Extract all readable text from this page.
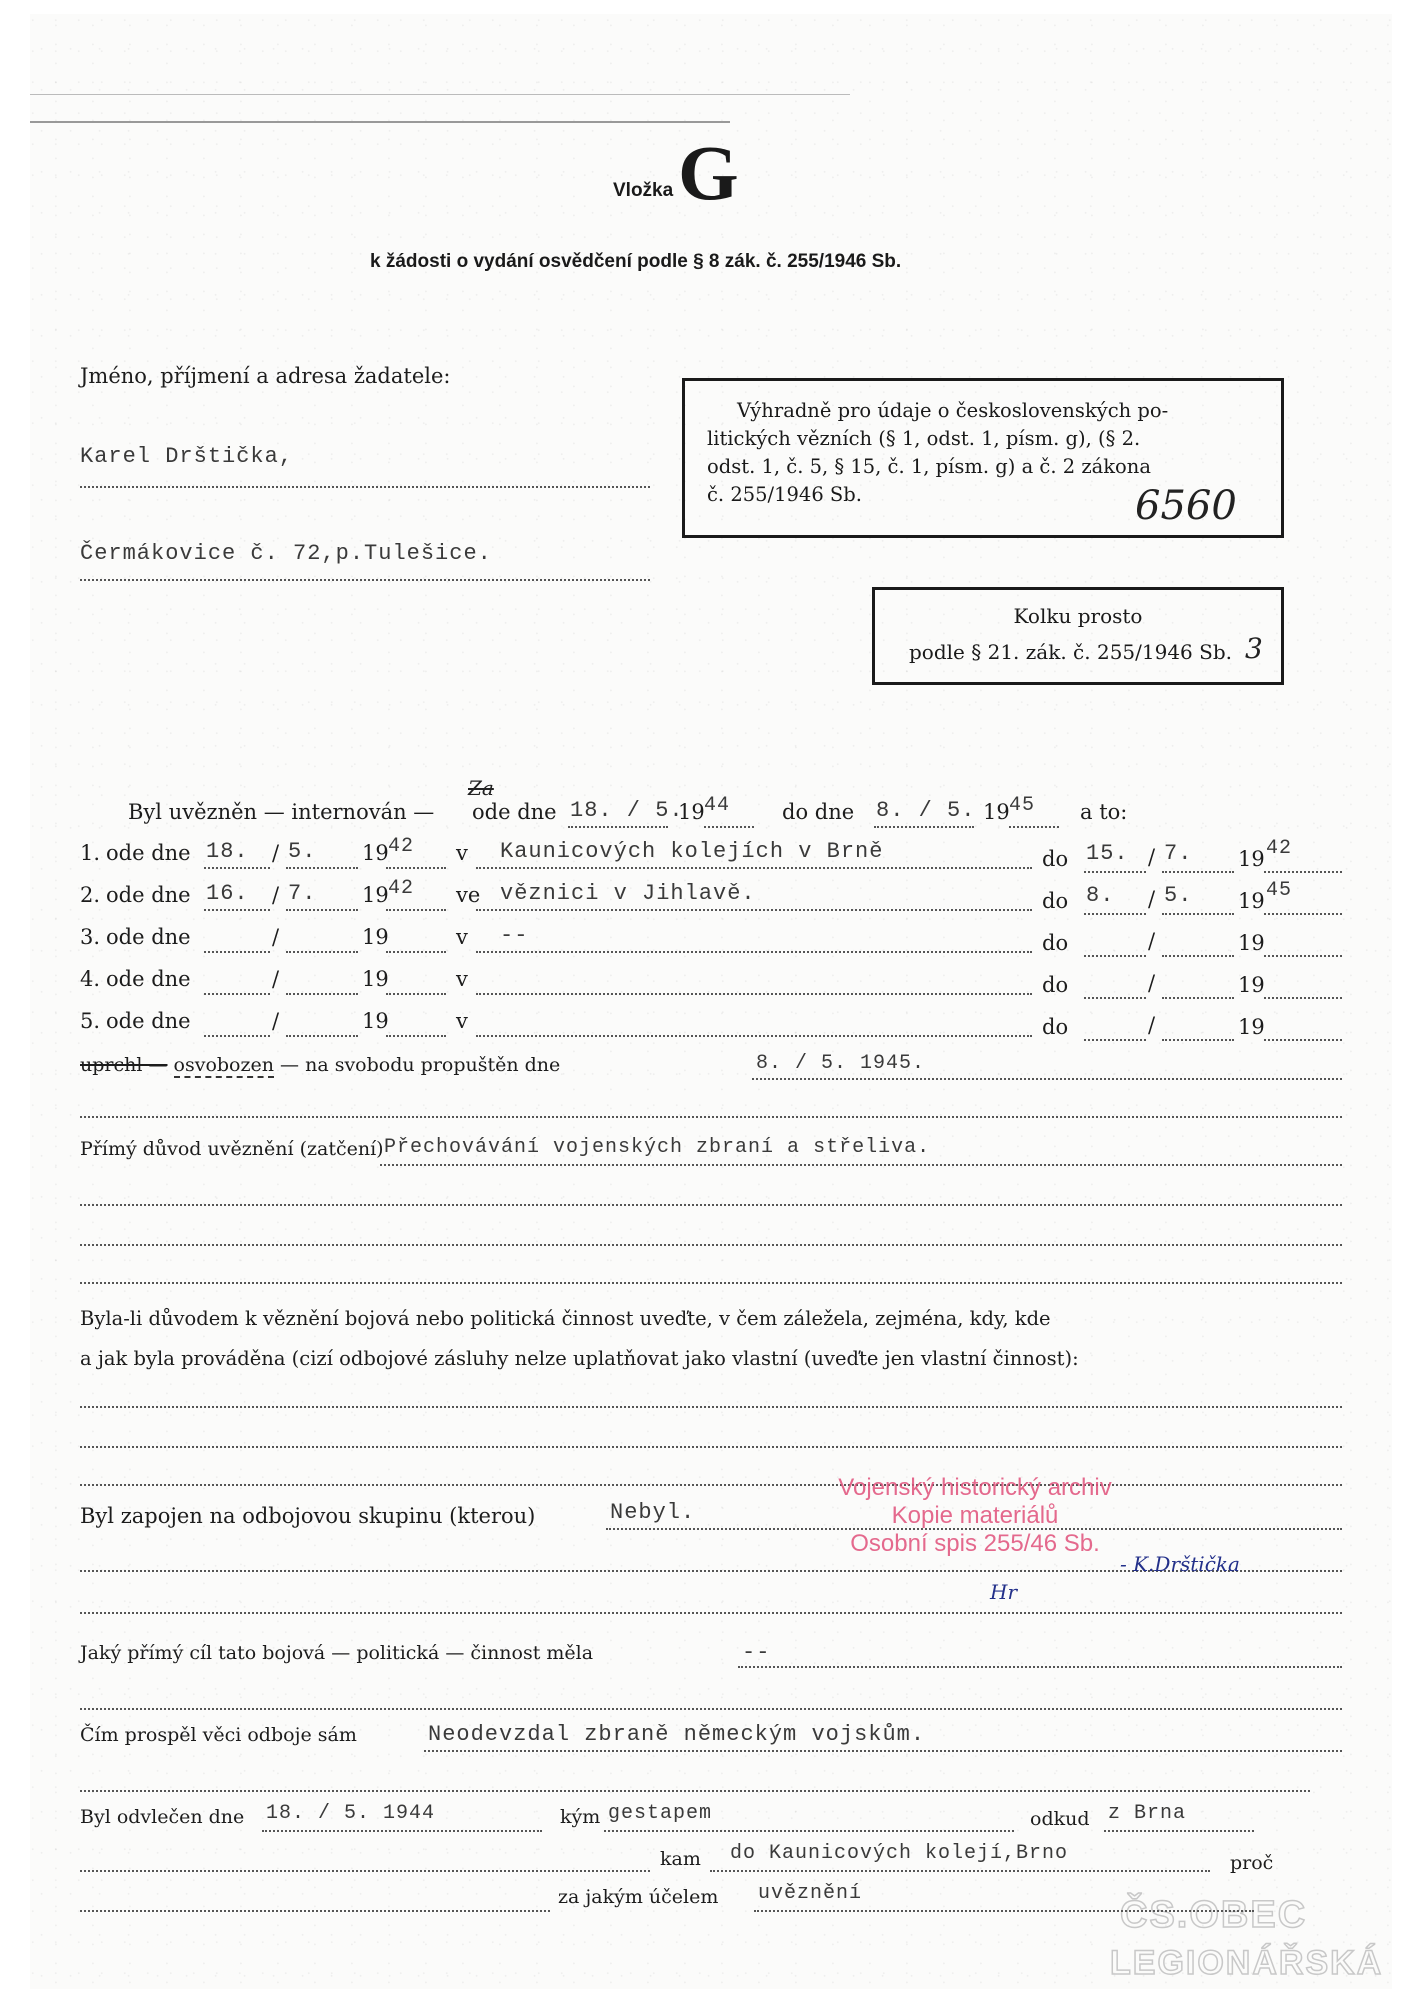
Vložka G
k žádosti o vydání osvědčení podle § 8 zák. č. 255/1946 Sb.
Jméno, příjmení a adresa žadatele:
Karel Drštička,
Čermákovice č. 72,p.Tulešice.
Výhradně pro údaje o československých po-
litických vězních (§ 1, odst. 1, písm. g), (§ 2.
odst. 1, č. 5, § 15, č. 1, písm. g) a č. 2 zákona
č. 255/1946 Sb.	6560
Kolku prosto
podle § 21. zák. č. 255/1946 Sb. 3
Byl uvězněn — internován —
Za
ode dne 18. / 5.
19 44 do dne 8. / 5. 19 45 a to:
1. ode dne 18. / 5. 19 42 v Kaunicových kolejích v Brně	do 15. / 7. 19 42
2. ode dne 16. / 7. 19 42 ve věznici v Jihlavě.	do 8. / 5. 19 45
3. ode dne	/	19	v --	do	/	19
4. ode dne	/	19	v	do	/	19
5. ode dne	/	19	v	do	/	19
uprchl — osvobozen — na svobodu propuštěn dne	8. / 5. 1945.
Přímý důvod uvěznění (zatčení) Přechovávání vojenských zbraní a střeliva.
Byla-li důvodem k věznění bojová nebo politická činnost uveďte, v čem záležela, zejména, kdy, kde
a jak byla prováděna (cizí odbojové zásluhy nelze uplatňovat jako vlastní (uveďte jen vlastní činnost):
Byl zapojen na odbojovou skupinu (kterou)	Nebyl.
Vojenský historický archiv
Kopie materiálů
Osobní spis 255/46 Sb.
- K.Drštička
Hr
ČS.OBEC
LEGIONÁŘSKÁ
Jaký přímý cíl tato bojová — politická — činnost měla	--
Čím prospěl věci odboje sám	Neodevzdal zbraně německým vojskům.
Byl odvlečen dne 18. / 5. 1944	kým gestapem	odkud z Brna
kam do Kaunicových kolejí,Brno	proč
za jakým účelem uvěznění
